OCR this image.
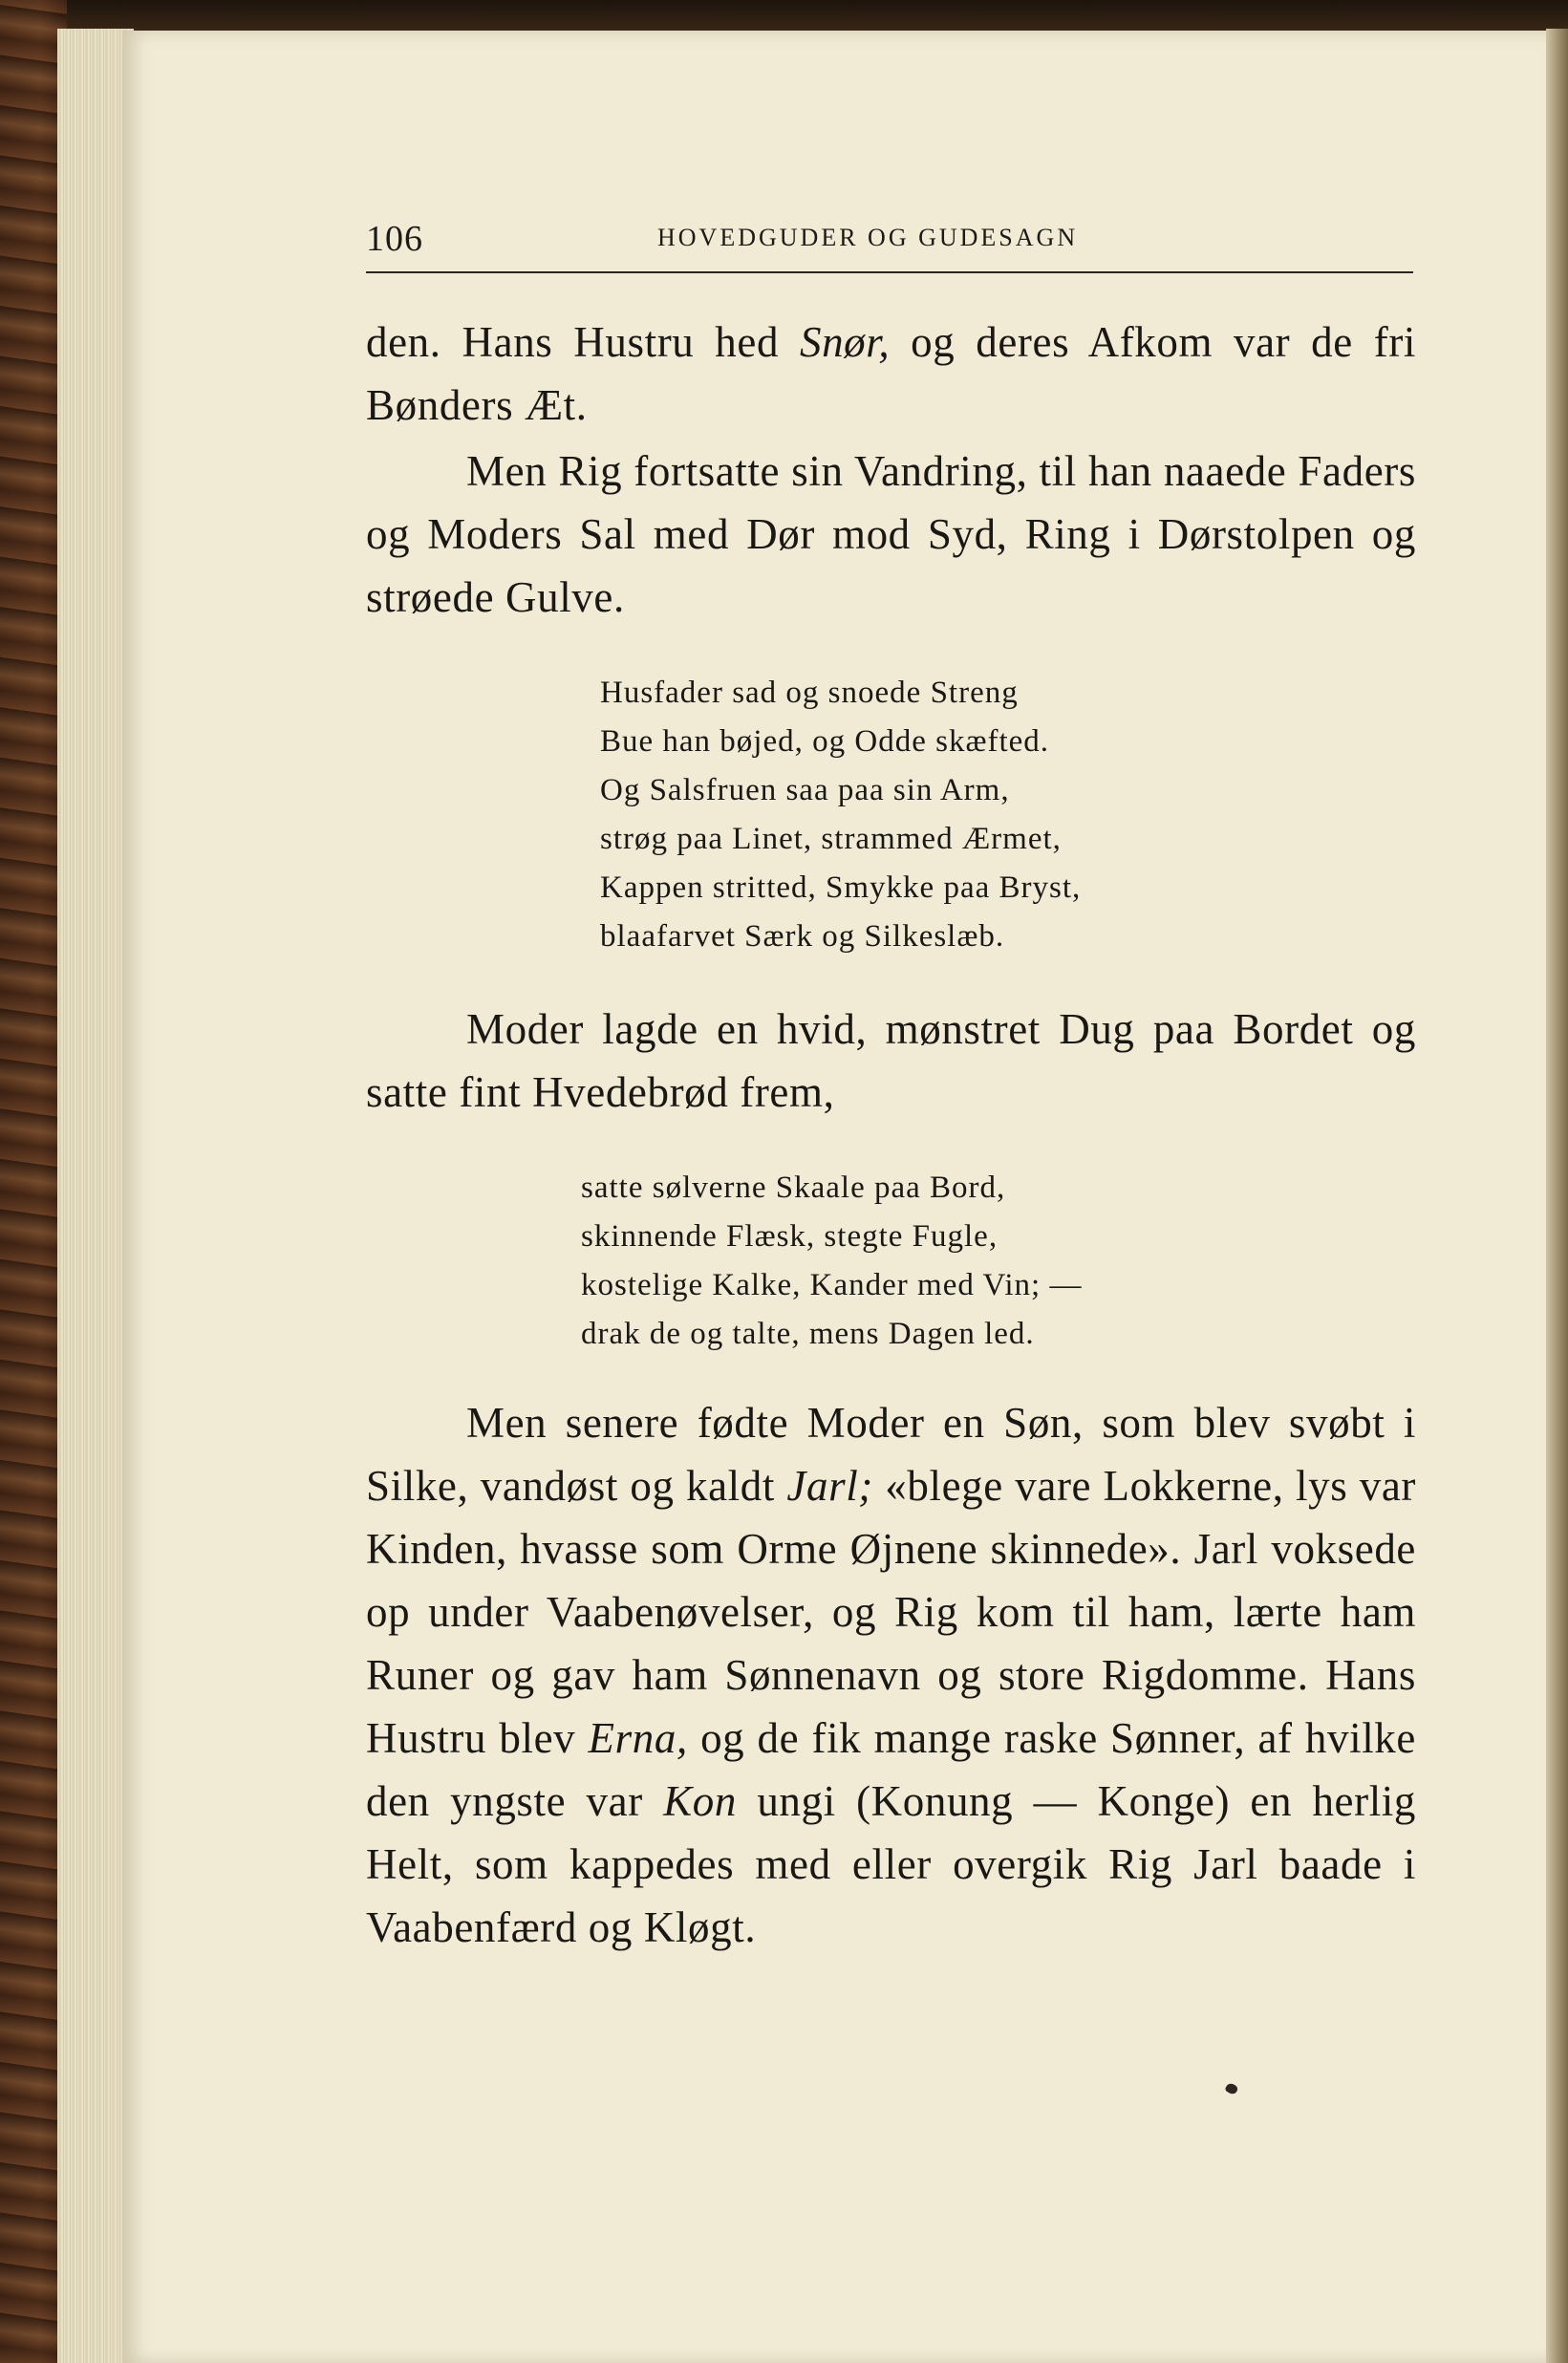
106	HOVEDGUDER OG GUDESAGN
den. Hans Hustru hed Snør, og deres Afkom var de fri Bønders Æt.
Men Rig fortsatte sin Vandring, til han naaede Faders og Moders Sal med Dør mod Syd, Ring i Dørstolpen og strøede Gulve.
Husfader sad og snoede Streng
Bue han bøjed, og Odde skæfted.
Og Salsfruen saa paa sin Arm,
strøg paa Linet, strammed Ærmet,
Kappen stritted, Smykke paa Bryst,
blaafarvet Særk og Silkeslæb.
Moder lagde en hvid, mønstret Dug paa Bordet og satte fint Hvedebrød frem,
satte sølverne Skaale paa Bord,
skinnende Flæsk, stegte Fugle,
kostelige Kalke, Kander med Vin; —
drak de og talte, mens Dagen led.
Men senere fødte Moder en Søn, som blev svøbt i Silke, vandøst og kaldt Jarl; «blege vare Lokkerne, lys var Kinden, hvasse som Orme Øjnene skinnede». Jarl voksede op under Vaabenøvelser, og Rig kom til ham, lærte ham Runer og gav ham Sønnenavn og store Rigdomme. Hans Hustru blev Erna, og de fik mange raske Sønner, af hvilke den yngste var Kon ungi (Konung — Konge) en herlig Helt, som kappedes med eller overgik Rig Jarl baade i Vaabenfærd og Kløgt.
